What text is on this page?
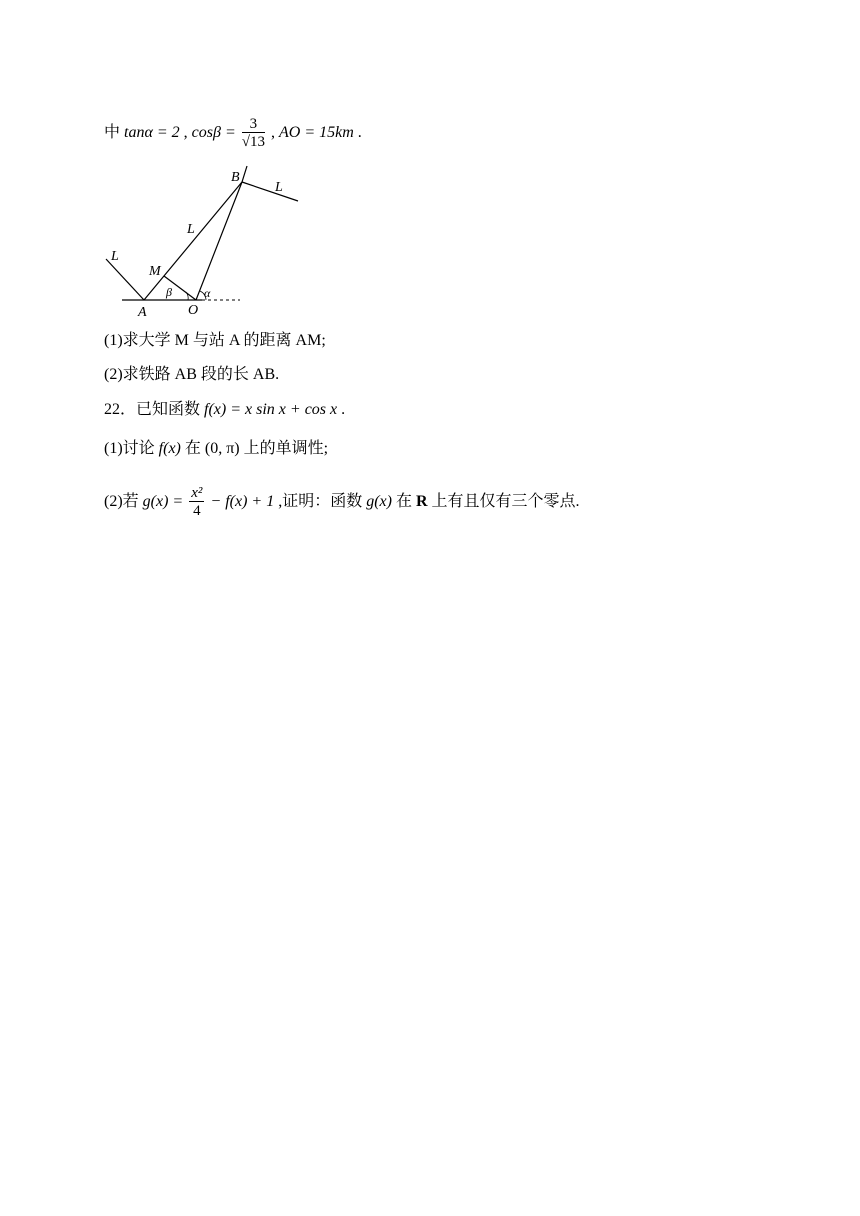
中 tanα = 2 , $\cos\beta = \frac{3}{√13}$ , AO = 15km .
B
L
L
L
M
β	α
A	O
(1)求大学 M 与站 A 的距离 AM;
(2)求铁路 AB 段的长 AB.
22．已知函数 f(x) = x sin x + cos x .
(1)讨论 f(x) 在 (0, π) 上的单调性;
(2)若 $g(x) = \frac{\text{x²}}{4} - f(x) + 1$ ,证明：函数 g(x) 在 R 上有且仅有三个零点.
